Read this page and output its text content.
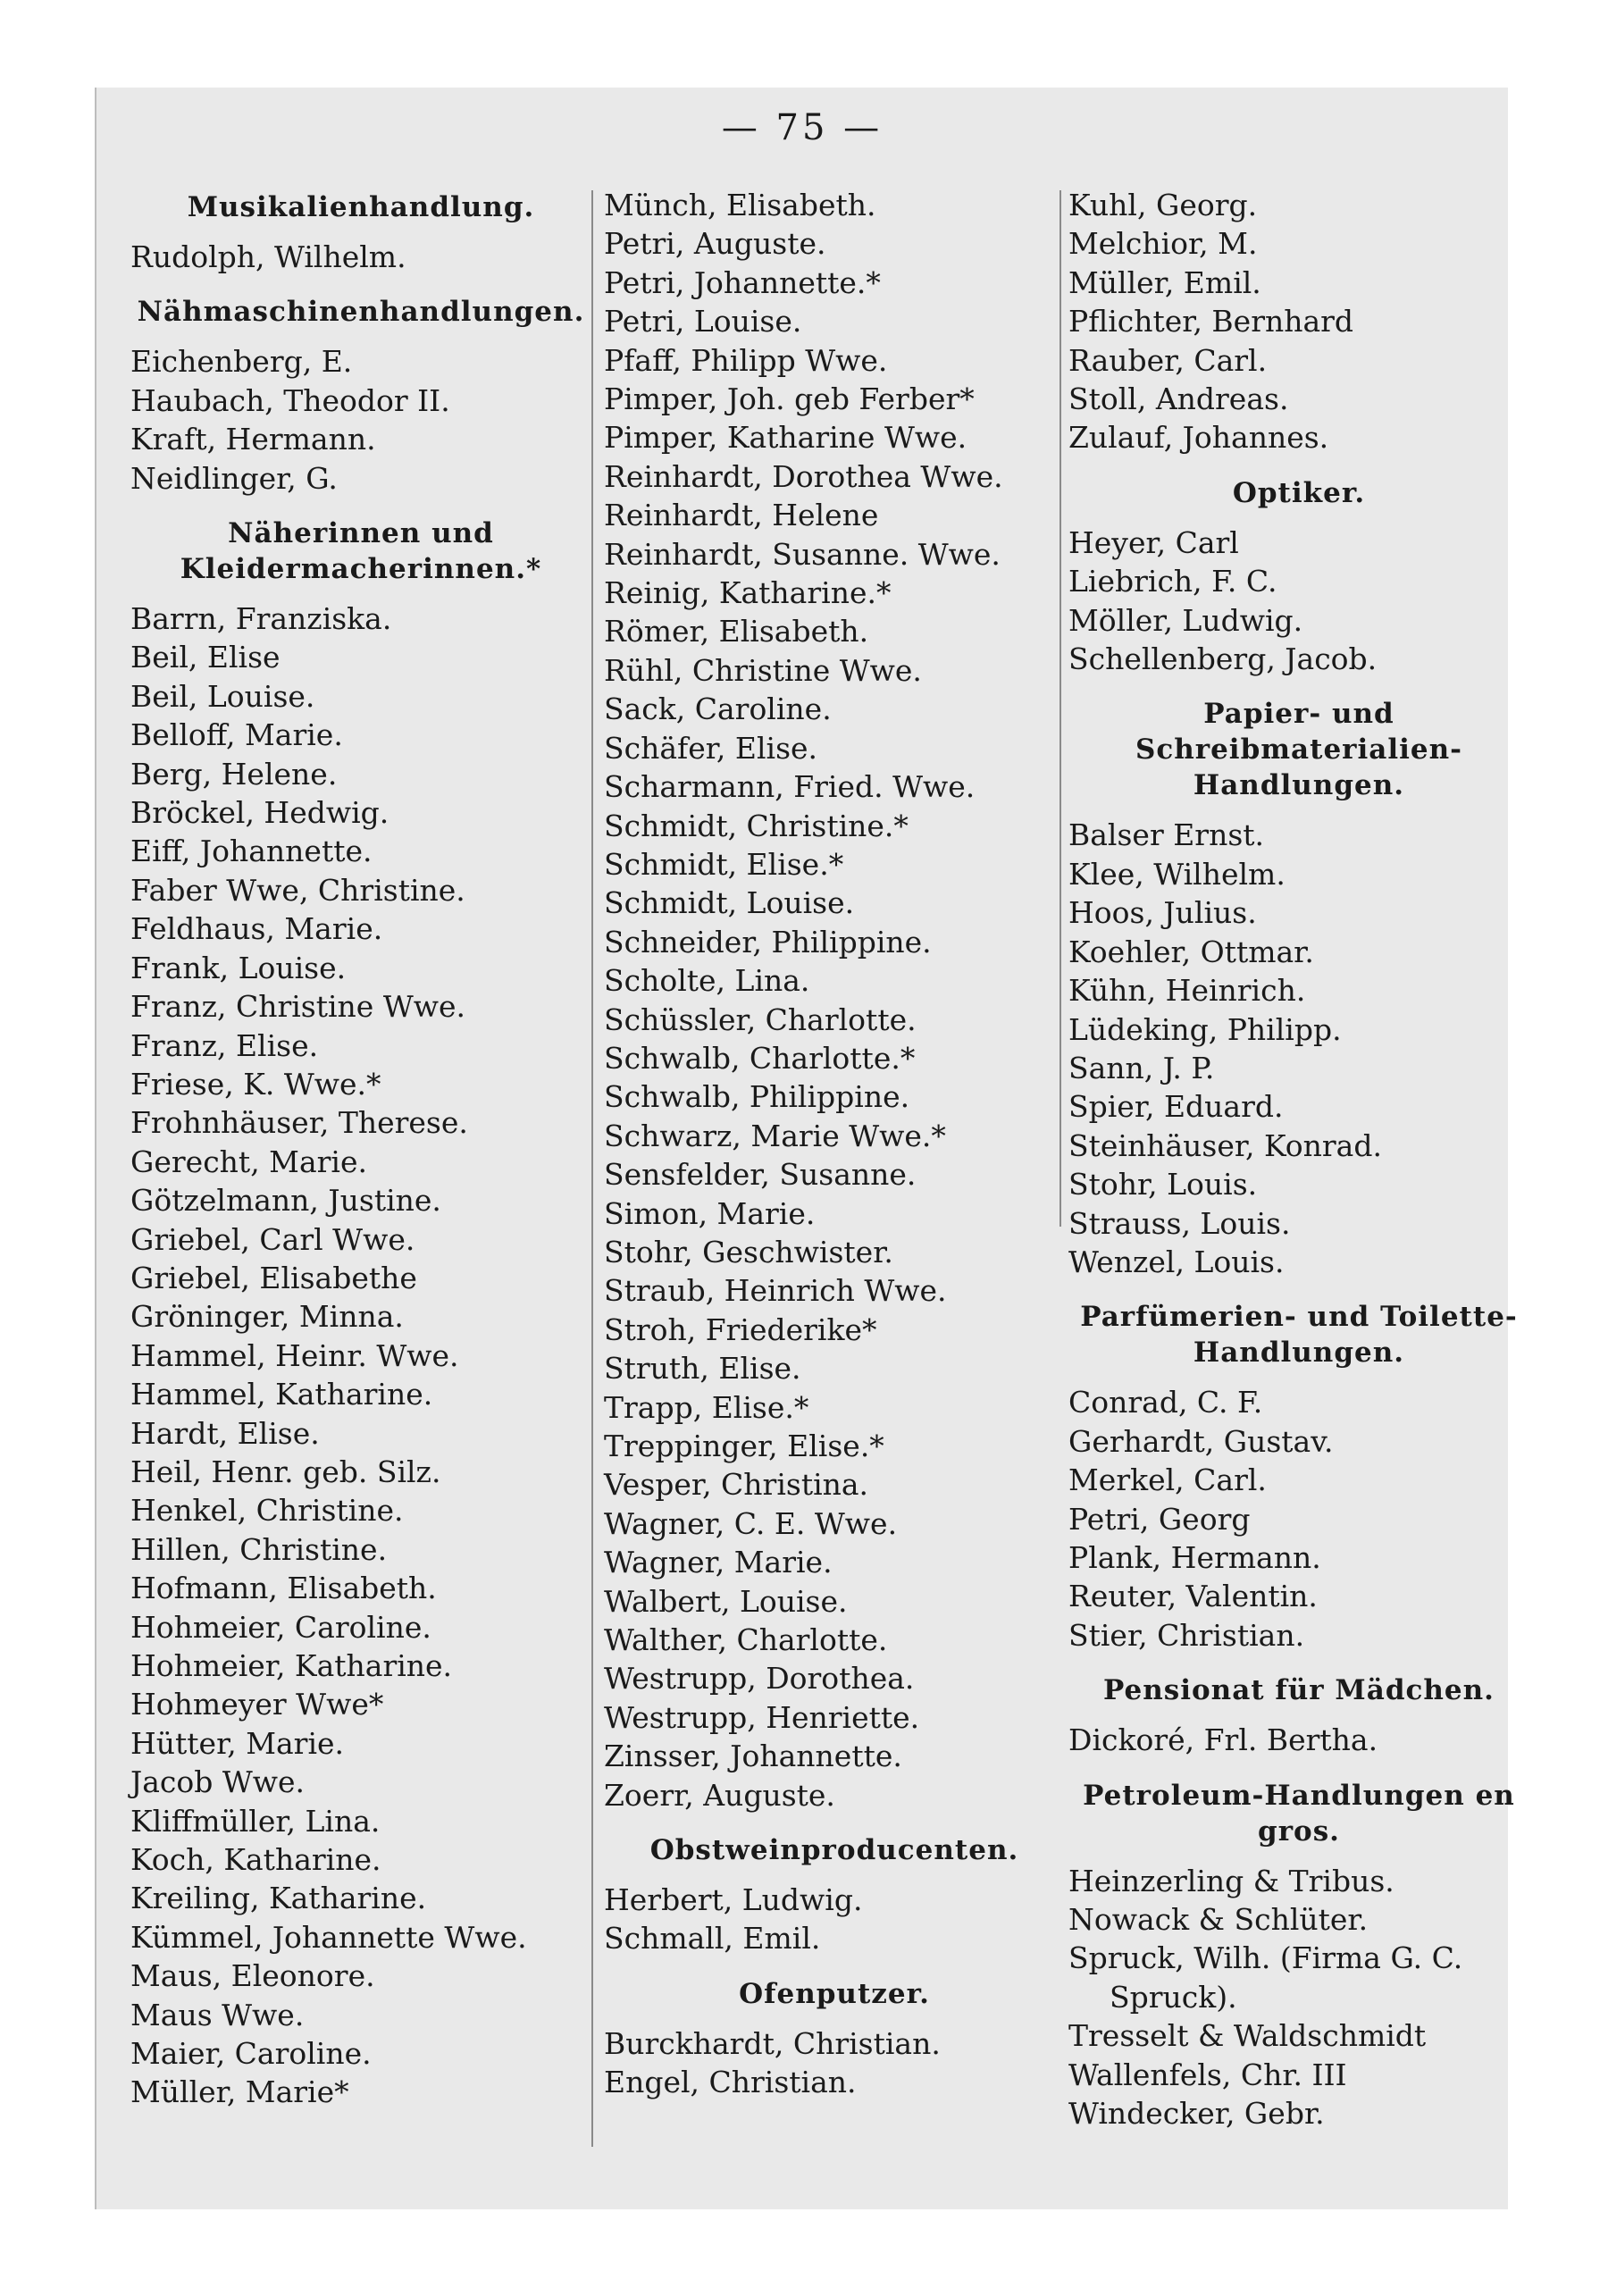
— 75 —
Musikalienhandlung.
Rudolph, Wilhelm.
Nähmaschinenhandlungen.
Eichenberg, E.
Haubach, Theodor II.
Kraft, Hermann.
Neidlinger, G.
Näherinnen und Kleidermacherinnen.*
Barrn, Franziska.
Beil, Elise
Beil, Louise.
Belloff, Marie.
Berg, Helene.
Bröckel, Hedwig.
Eiff, Johannette.
Faber Wwe, Christine.
Feldhaus, Marie.
Frank, Louise.
Franz, Christine Wwe.
Franz, Elise.
Friese, K. Wwe.*
Frohnhäuser, Therese.
Gerecht, Marie.
Götzelmann, Justine.
Griebel, Carl Wwe.
Griebel, Elisabethe
Gröninger, Minna.
Hammel, Heinr. Wwe.
Hammel, Katharine.
Hardt, Elise.
Heil, Henr. geb. Silz.
Henkel, Christine.
Hillen, Christine.
Hofmann, Elisabeth.
Hohmeier, Caroline.
Hohmeier, Katharine.
Hohmeyer Wwe*
Hütter, Marie.
Jacob Wwe.
Kliffmüller, Lina.
Koch, Katharine.
Kreiling, Katharine.
Kümmel, Johannette Wwe.
Maus, Eleonore.
Maus Wwe.
Maier, Caroline.
Müller, Marie*
Münch, Elisabeth.
Petri, Auguste.
Petri, Johannette.*
Petri, Louise.
Pfaff, Philipp Wwe.
Pimper, Joh. geb Ferber*
Pimper, Katharine Wwe.
Reinhardt, Dorothea Wwe.
Reinhardt, Helene
Reinhardt, Susanne. Wwe.
Reinig, Katharine.*
Römer, Elisabeth.
Rühl, Christine Wwe.
Sack, Caroline.
Schäfer, Elise.
Scharmann, Fried. Wwe.
Schmidt, Christine.*
Schmidt, Elise.*
Schmidt, Louise.
Schneider, Philippine.
Scholte, Lina.
Schüssler, Charlotte.
Schwalb, Charlotte.*
Schwalb, Philippine.
Schwarz, Marie Wwe.*
Sensfelder, Susanne.
Simon, Marie.
Stohr, Geschwister.
Straub, Heinrich Wwe.
Stroh, Friederike*
Struth, Elise.
Trapp, Elise.*
Treppinger, Elise.*
Vesper, Christina.
Wagner, C. E. Wwe.
Wagner, Marie.
Walbert, Louise.
Walther, Charlotte.
Westrupp, Dorothea.
Westrupp, Henriette.
Zinsser, Johannette.
Zoerr, Auguste.
Obstweinproducenten.
Herbert, Ludwig.
Schmall, Emil.
Ofenputzer.
Burckhardt, Christian.
Engel, Christian.
Kuhl, Georg.
Melchior, M.
Müller, Emil.
Pflichter, Bernhard
Rauber, Carl.
Stoll, Andreas.
Zulauf, Johannes.
Optiker.
Heyer, Carl
Liebrich, F. C.
Möller, Ludwig.
Schellenberg, Jacob.
Papier- und Schreibmaterialien-Handlungen.
Balser Ernst.
Klee, Wilhelm.
Hoos, Julius.
Koehler, Ottmar.
Kühn, Heinrich.
Lüdeking, Philipp.
Sann, J. P.
Spier, Eduard.
Steinhäuser, Konrad.
Stohr, Louis.
Strauss, Louis.
Wenzel, Louis.
Parfümerien- und Toilette-Handlungen.
Conrad, C. F.
Gerhardt, Gustav.
Merkel, Carl.
Petri, Georg
Plank, Hermann.
Reuter, Valentin.
Stier, Christian.
Pensionat für Mädchen.
Dickoré, Frl. Bertha.
Petroleum-Handlungen en gros.
Heinzerling & Tribus.
Nowack & Schlüter.
Spruck, Wilh. (Firma G. C.
Spruck).
Tresselt & Waldschmidt
Wallenfels, Chr. III
Windecker, Gebr.
